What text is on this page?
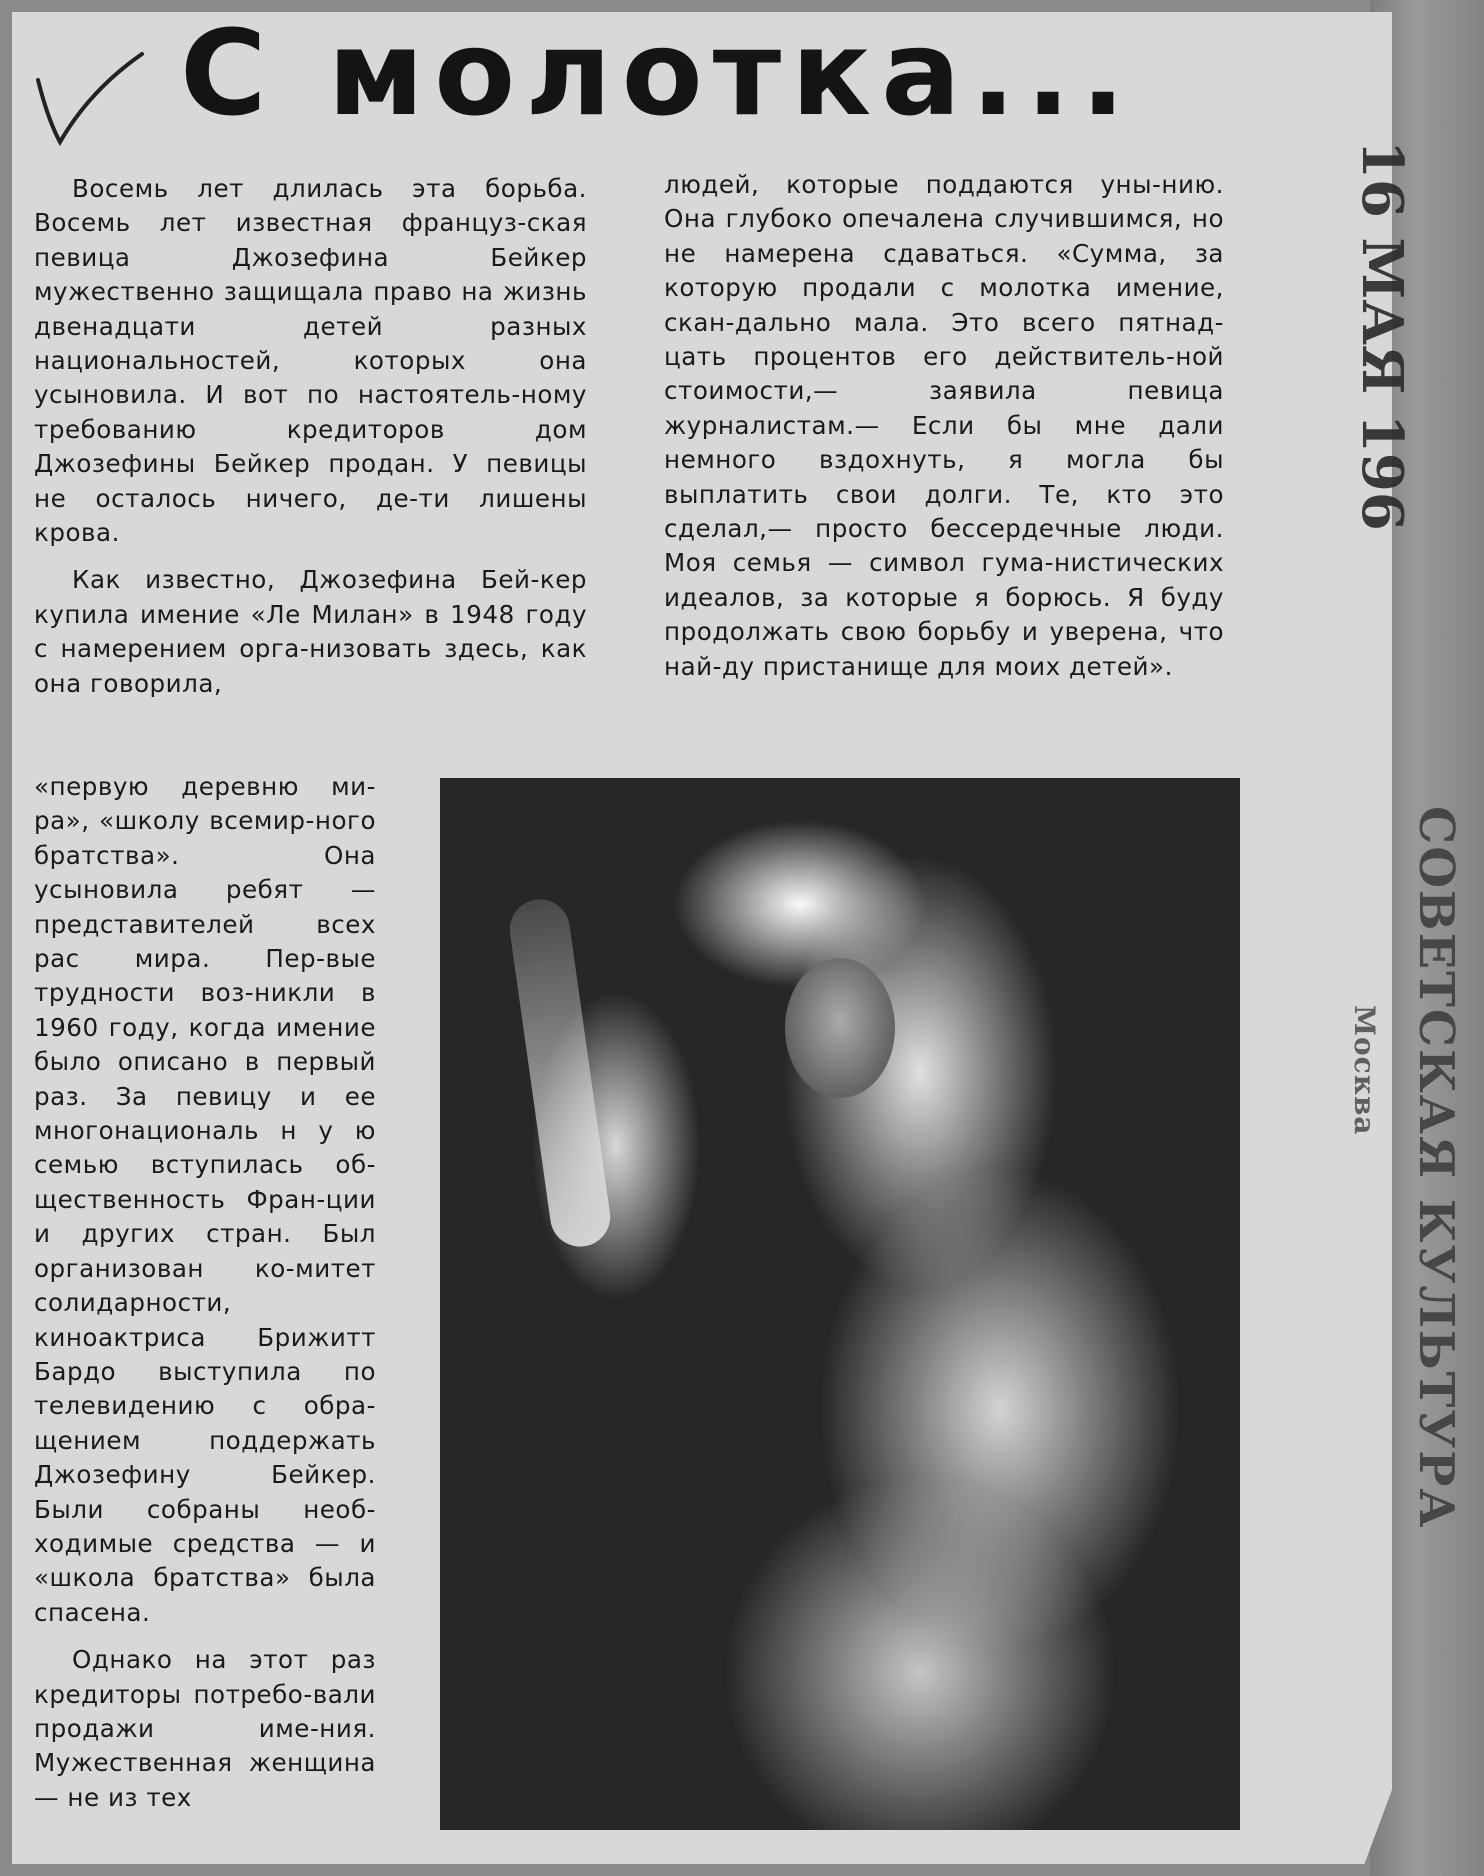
С молотка...

Восемь лет длилась эта борьба. Восемь лет известная француз-ская певица Джозефина Бейкер мужественно защищала право на жизнь двенадцати детей разных национальностей, которых она усыновила. И вот по настоятель-ному требованию кредиторов дом Джозефины Бейкер продан. У певицы не осталось ничего, де-ти лишены крова.

Как известно, Джозефина Бей-кер купила имение «Ле Милан» в 1948 году с намерением орга-низовать здесь, как она говорила,

«первую деревню ми-ра», «школу всемир-ного братства». Она усыновила ребят — представителей всех рас мира. Пер-вые трудности воз-никли в 1960 году, когда имение было описано в первый раз. За певицу и ее многонациональ н у ю семью вступилась об-щественность Фран-ции и других стран. Был организован ко-митет солидарности, киноактриса Брижитт Бардо выступила по телевидению с обра-щением поддержать Джозефину Бейкер. Были собраны необ-ходимые средства — и «школа братства» была спасена.

Однако на этот раз кредиторы потребо-вали продажи име-ния. Мужественная женщина — не из тех

людей, которые поддаются уны-нию. Она глубоко опечалена случившимся, но не намерена сдаваться. «Сумма, за которую продали с молотка имение, скан-дально мала. Это всего пятнад-цать процентов его действитель-ной стоимости,— заявила певица журналистам.— Если бы мне дали немного вздохнуть, я могла бы выплатить свои долги. Те, кто это сделал,— просто бессердечные люди. Моя семья — символ гума-нистических идеалов, за которые я борюсь. Я буду продолжать свою борьбу и уверена, что най-ду пристанище для моих детей».

16 МАЯ 196
СОВЕТСКАЯ КУЛЬТУРА
Москва
